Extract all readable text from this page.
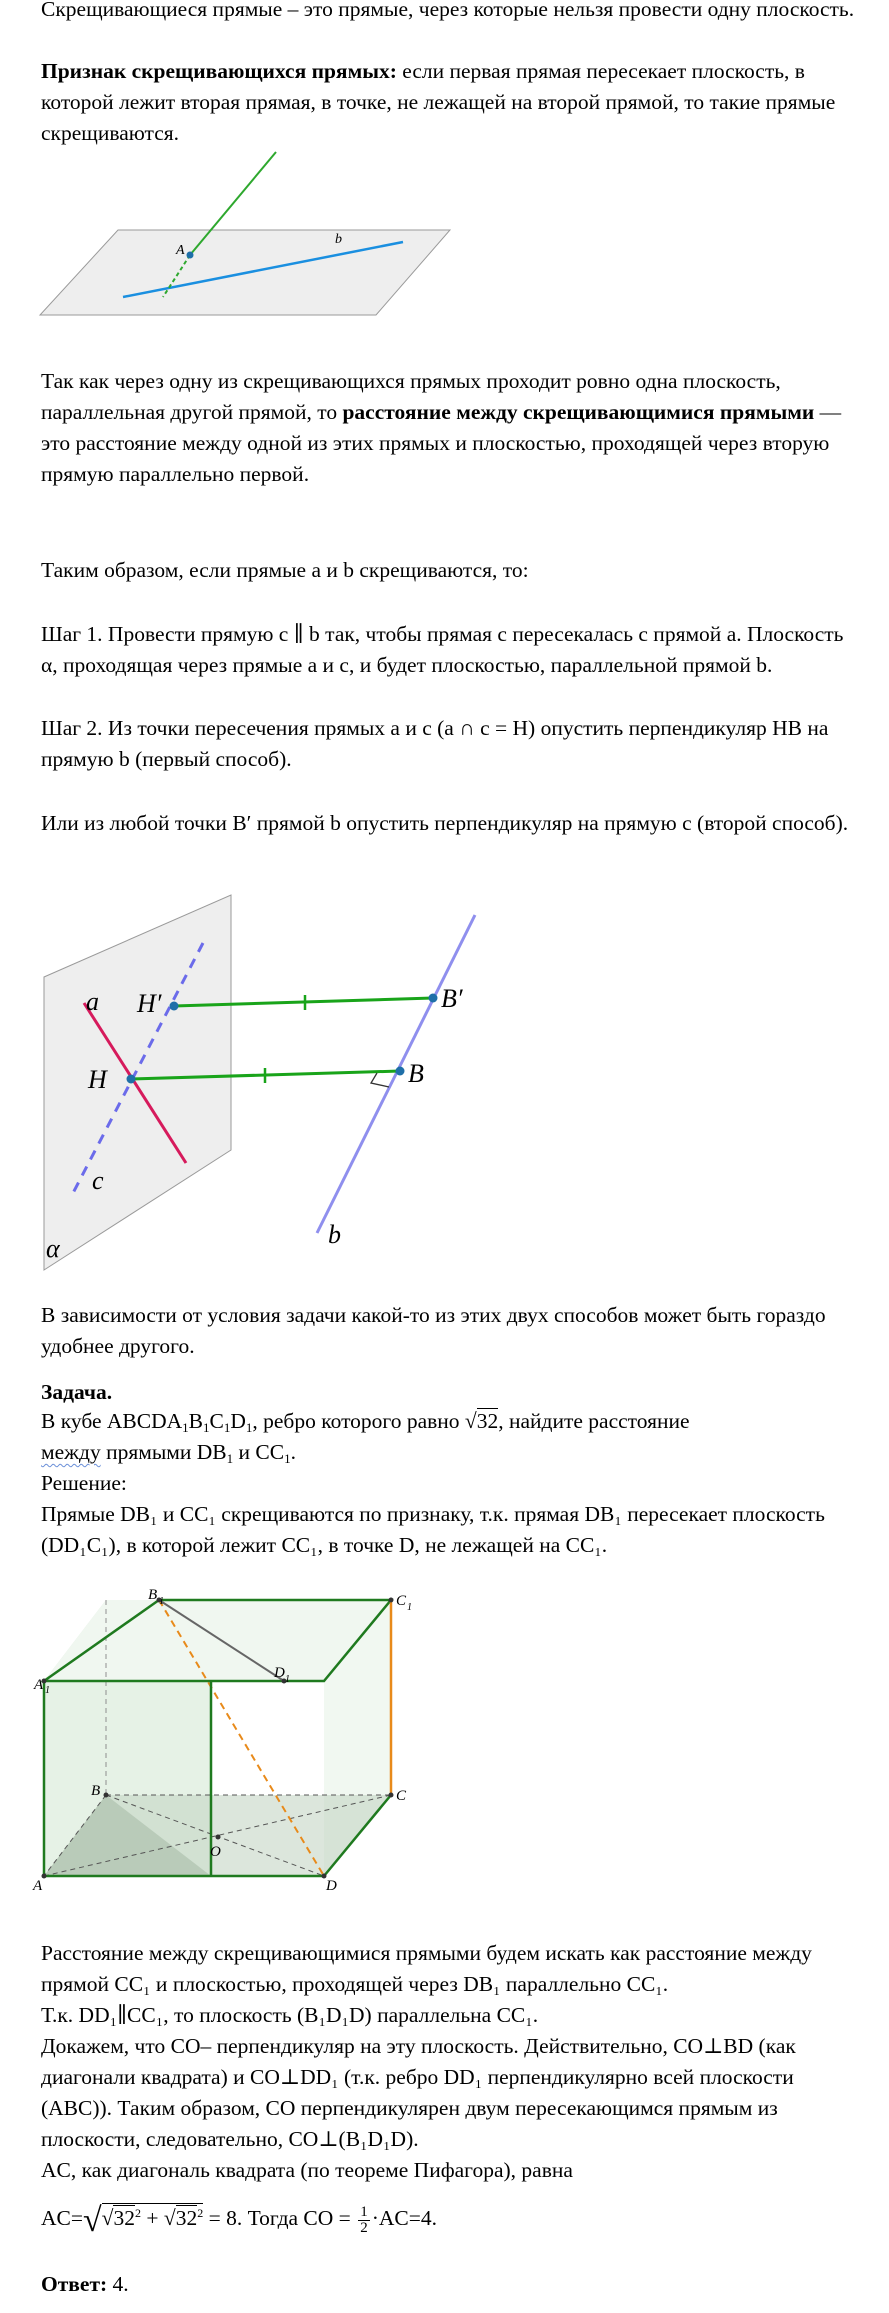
Скрещивающиеся прямые – это прямые, через которые нельзя провести одну плоскость.

Признак скрещивающихся прямых: если первая прямая пересекает плоскость, в которой лежит вторая прямая, в точке, не лежащей на второй прямой, то такие прямые скрещиваются.

A
b

Так как через одну из скрещивающихся прямых проходит ровно одна плоскость, параллельная другой прямой, то расстояние между скрещивающимися прямыми — это расстояние между одной из этих прямых и плоскостью, проходящей через вторую прямую параллельно первой.

Таким образом, если прямые a и b скрещиваются, то:

Шаг 1. Провести прямую c ∥ b так, чтобы прямая c пересекалась c прямой a. Плоскость α, проходящая через прямые a и c, и будет плоскостью, параллельной прямой b.

Шаг 2. Из точки пересечения прямых a и c (a ∩ c = H) опустить перпендикуляр HB на прямую b (первый способ).

Или из любой точки B′ прямой b опустить перпендикуляр на прямую c (второй способ).

a H′
H
c
α
B′
B
b

В зависимости от условия задачи какой-то из этих двух способов может быть гораздо удобнее другого.

Задача.

В кубе $ABCDA_1B_1C_1D_1$, ребро которого равно √32, найдите расстояние
между прямыми $DB_1$ и $CC_1$.

Решение:

Прямые DB₁ и CC₁ скрещиваются по признаку, т.к. прямая DB₁ пересекает плоскость (DD₁C₁), в которой лежит CC₁, в точке D, не лежащей на CC₁.

B 1	C 1
D 1
A 1
B	C
A	D
O

Расстояние между скрещивающимися прямыми будем искать как расстояние между прямой CC₁ и плоскостью, проходящей через DB₁ параллельно CC₁.

Т.к. DD₁∥CC₁, то плоскость (B₁D₁D) параллельна CC₁.

Докажем, что CO– перпендикуляр на эту плоскость. Действительно, CO⊥BD (как диагонали квадрата) и CO⊥DD₁ (т.к. ребро DD₁ перпендикулярно всей плоскости (ABC)). Таким образом, CO перпендикулярен двум пересекающимся прямым из плоскости, следовательно, CO⊥(B₁D₁D).

AC, как диагональ квадрата (по теореме Пифагора), равна

$AC=√√32^2 + √32^2 = 8$. Тогда CO = $\frac{1}{2} \cdot AC=4$.

Ответ: 4.
